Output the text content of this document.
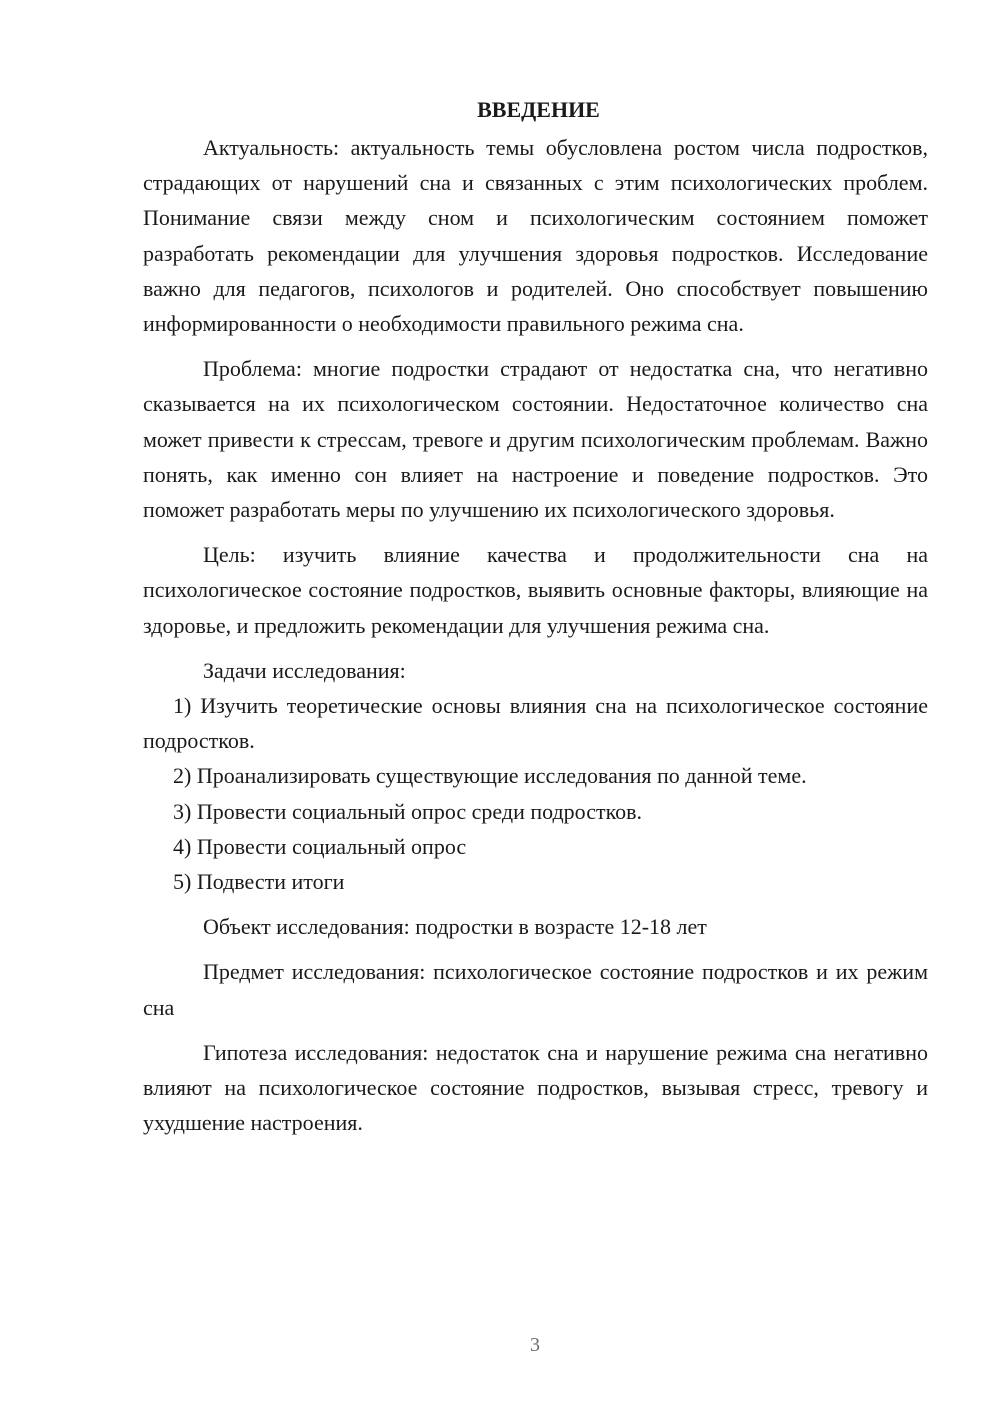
ВВЕДЕНИЕ

Актуальность: актуальность темы обусловлена ростом числа подростков, страдающих от нарушений сна и связанных с этим психологических проблем. Понимание связи между сном и психологическим состоянием поможет разработать рекомендации для улучшения здоровья подростков. Исследование важно для педагогов, психологов и родителей. Оно способствует повышению информированности о необходимости правильного режима сна.

Проблема: многие подростки страдают от недостатка сна, что негативно сказывается на их психологическом состоянии. Недостаточное количество сна может привести к стрессам, тревоге и другим психологическим проблемам. Важно понять, как именно сон влияет на настроение и поведение подростков. Это поможет разработать меры по улучшению их психологического здоровья.

Цель: изучить влияние качества и продолжительности сна на психологическое состояние подростков, выявить основные факторы, влияющие на здоровье, и предложить рекомендации для улучшения режима сна.

Задачи исследования:

1) Изучить теоретические основы влияния сна на психологическое состояние подростков.

2) Проанализировать существующие исследования по данной теме.

3) Провести социальный опрос среди подростков.

4) Провести социальный опрос

5) Подвести итоги

Объект исследования: подростки в возрасте 12-18 лет

Предмет исследования: психологическое состояние подростков и их режим сна

Гипотеза исследования: недостаток сна и нарушение режима сна негативно влияют на психологическое состояние подростков, вызывая стресс, тревогу и ухудшение настроения.

3
